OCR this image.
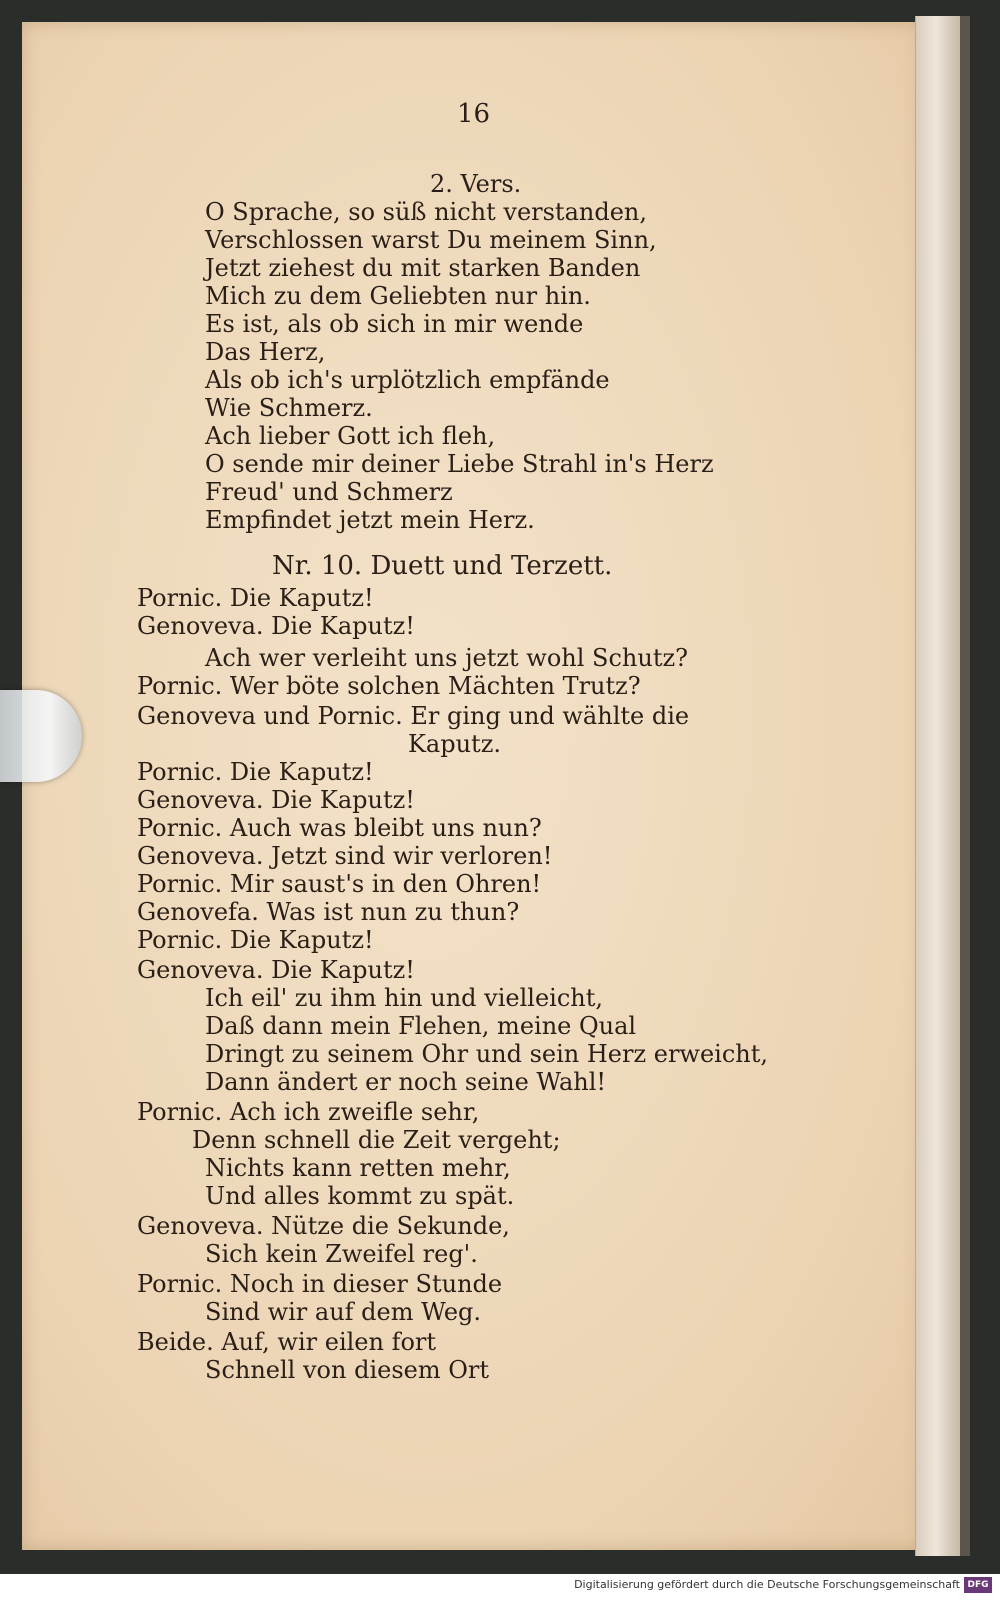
16
2. Vers.
O Sprache, so süß nicht verstanden,
Verschlossen warst Du meinem Sinn,
Jetzt ziehest du mit starken Banden
Mich zu dem Geliebten nur hin.
Es ist, als ob sich in mir wende
Das Herz,
Als ob ich's urplötzlich empfände
Wie Schmerz.
Ach lieber Gott ich fleh,
O sende mir deiner Liebe Strahl in's Herz
Freud' und Schmerz
Empfindet jetzt mein Herz.
Nr. 10. Duett und Terzett.
Pornic. Die Kaputz!
Genoveva. Die Kaputz!
Ach wer verleiht uns jetzt wohl Schutz?
Pornic. Wer böte solchen Mächten Trutz?
Genoveva und Pornic. Er ging und wählte die
Kaputz.
Pornic. Die Kaputz!
Genoveva. Die Kaputz!
Pornic. Auch was bleibt uns nun?
Genoveva. Jetzt sind wir verloren!
Pornic. Mir saust's in den Ohren!
Genovefa. Was ist nun zu thun?
Pornic. Die Kaputz!
Genoveva. Die Kaputz!
Ich eil' zu ihm hin und vielleicht,
Daß dann mein Flehen, meine Qual
Dringt zu seinem Ohr und sein Herz erweicht,
Dann ändert er noch seine Wahl!
Pornic. Ach ich zweifle sehr,
Denn schnell die Zeit vergeht;
Nichts kann retten mehr,
Und alles kommt zu spät.
Genoveva. Nütze die Sekunde,
Sich kein Zweifel reg'.
Pornic. Noch in dieser Stunde
Sind wir auf dem Weg.
Beide. Auf, wir eilen fort
Schnell von diesem Ort
Digitalisierung gefördert durch die Deutsche Forschungsgemeinschaft DFG
